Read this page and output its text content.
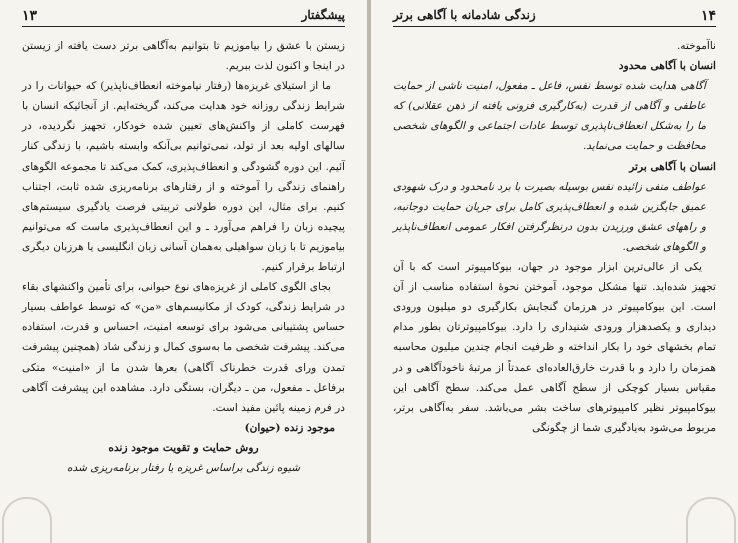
۱۳	پیشگفتار

زیستن با عشق را بیاموزیم تا بتوانیم به‌آگاهی برتر دست یافته از زیستن در اینجا و اکنون لذت ببریم.

ما از استیلای غریزه‌ها (رفتار نیاموخته انعطاف‌ناپذیر) که حیوانات را در شرایط زندگی روزانه خود هدایت می‌کند، گریخته‌ایم. از آنجائیکه انسان با فهرست کاملی از واکنش‌های تعیین شده خودکار، تجهیز نگردیده، در سالهای اولیه بعد از تولد، نمی‌توانیم بی‌آنکه وابسته باشیم، با زندگی کنار آئیم. این دوره گشودگی و انعطاف‌پذیری، کمک می‌کند تا مجموعه الگوهای راهنمای زندگی را آموخته و از رفتارهای برنامه‌ریزی شده ثابت، اجتناب کنیم. برای مثال، این دوره طولانی تربیتی فرصت یادگیری سیستم‌های پیچیده زبان را فراهم می‌آورد ـ و این انعطاف‌پذیری ماست که می‌توانیم بیاموزیم تا با زبان سواهیلی به‌همان آسانی زبان انگلیسی یا هرزبان دیگری ارتباط برقرار کنیم.

بجای الگوی کاملی از غریزه‌های نوع حیوانی، برای تأمین واکنشهای بقاء در شرایط زندگی، کودک از مکانیسم‌های «من» که توسط عواطف بسیار حساس پشتیبانی می‌شود برای توسعه امنیت، احساس و قدرت، استفاده می‌کند. پیشرفت شخصی ما به‌سوی کمال و زندگی شاد (همچنین پیشرفت تمدن ورای قدرت خطرناک آگاهی) بعرها شدن ما از «امنیت» متکی برفاعل ـ مفعول، من ـ دیگران، بستگی دارد. مشاهده این پیشرفت آگاهی در فرم زمینه پائین مفید است.

موجود زنده (حیوان)

روش حمایت و تقویت موجود زنده

شیوه زندگی براساس غریزه یا رفتار برنامه‌ریزی شده

۱۴
زندگی شادمانه با آگاهی برتر

ناآموخته.

انسان با آگاهی محدود

آگاهی هدایت شده توسط نفس، فاعل ـ مفعول، امنیت ناشی از حمایت عاطفی و آگاهی از قدرت (به‌کارگیری فزونی یافته از ذهن عقلانی) که ما را به‌شکل انعطاف‌ناپذیری توسط عادات اجتماعی و الگوهای شخصی محافظت و حمایت می‌نماید.

انسان با آگاهی برتر

عواطف منفی زائیده نفس بوسیله بصیرت با برد نامحدود و درک شهودی عمیق جایگزین شده و انعطاف‌پذیری کامل برای جریان حمایت دوجانبه، و راههای عشق ورزیدن بدون درنظرگرفتن افکار عمومی انعطاف‌ناپذیر و الگوهای شخصی.

یکی از عالی‌ترین ابزار موجود در جهان، بیوکامپیوتر است که با آن تجهیز شده‌اید. تنها مشکل موجود، آموختن نحوهٔ استفاده مناسب از آن است. این بیوکامپیوتر در هرزمان گنجایش بکارگیری دو میلیون ورودی دیداری و یکصدهزار ورودی شنیداری را دارد. بیوکامپیوترتان بطور مدام تمام بخشهای خود را بکار انداخته و ظرفیت انجام چندین میلیون محاسبه همزمان را دارد و با قدرت خارق‌العاده‌ای عمدتاً از مرتبهٔ ناخودآگاهی و در مقیاس بسیار کوچکی از سطح آگاهی عمل می‌کند. سطح آگاهی این بیوکامپیوتر نظیر کامپیوترهای ساخت بشر می‌باشد. سفر به‌آگاهی برتر، مربوط می‌شود به‌یادگیری شما از چگونگی
